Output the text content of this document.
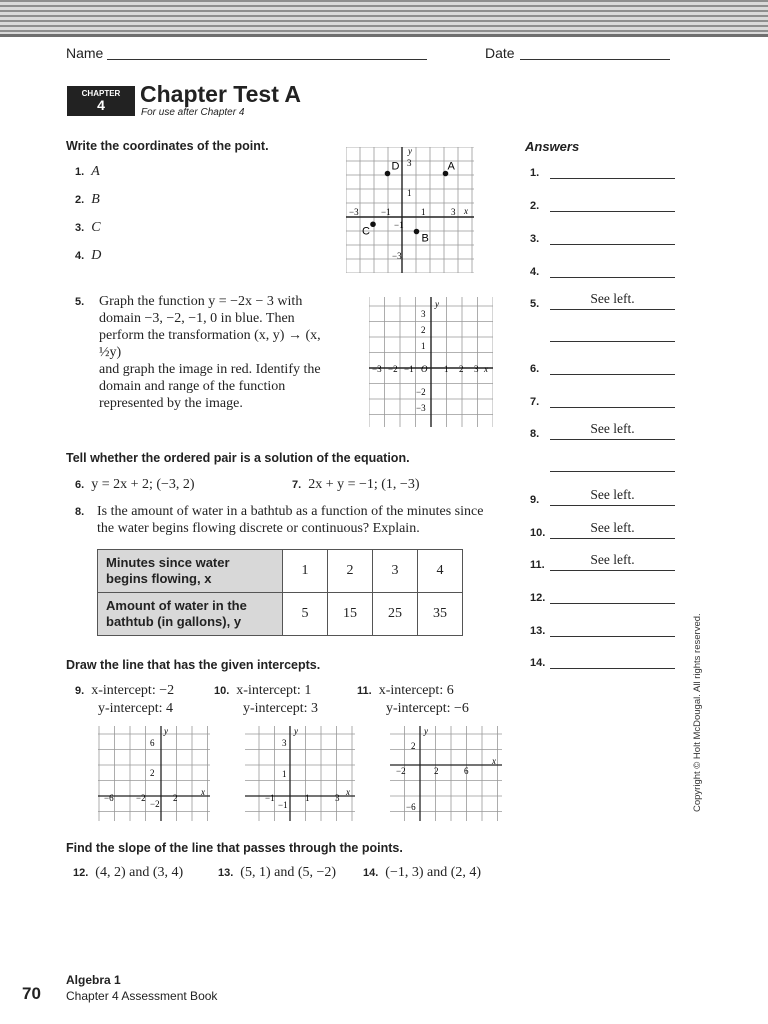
Name	Date
CHAPTER
4	Chapter Test A
For use after Chapter 4
Write the coordinates of the point.	Answers
1. A
2. B
3. C
4. D
D	A
C
B
3
1
−1
−3
−3 −1	1	3 x
y
5. Graph the function y = −2x − 3 with
domain −3, −2, −1, 0 in blue. Then
perform the transformation (x, y) → (x, ½y)
and graph the image in red. Identify the
domain and range of the function
represented by the image.
3
2
1
−2
−3
−3 −2 −1 O 1 2 3 x
y
Tell whether the ordered pair is a solution of the equation.
6. y = 2x + 2; (−3, 2)	7. 2x + y = −1; (1, −3)
8. Is the amount of water in a bathtub as a function of the minutes since
the water begins flowing discrete or continuous? Explain.
Minutes since water
begins flowing, x	1	2	3	4
Amount of water in the
bathtub (in gallons), y	5	15	25	35
Draw the line that has the given intercepts.
9. x-intercept: −2
y-intercept: 4
10. x-intercept: 1
y-intercept: 3
11. x-intercept: 6
y-intercept: −6
6
2
−2
−6 −2	2
x
y
3
1
−1
−1	1	3
x
y
2
−6
−2	2	6
x
y
Find the slope of the line that passes through the points.
12. (4, 2) and (3, 4)	13. (5, 1) and (5, −2) 14. (−1, 3) and (2, 4)
1.
2.
3.
4.
5.	See left.
6.
7.
8.	See left.
9.	See left.
10.	See left.
11.	See left.
12.
13.
14.	Copyright © Holt McDougal. All rights reserved.
70
Algebra 1
Chapter 4 Assessment Book
